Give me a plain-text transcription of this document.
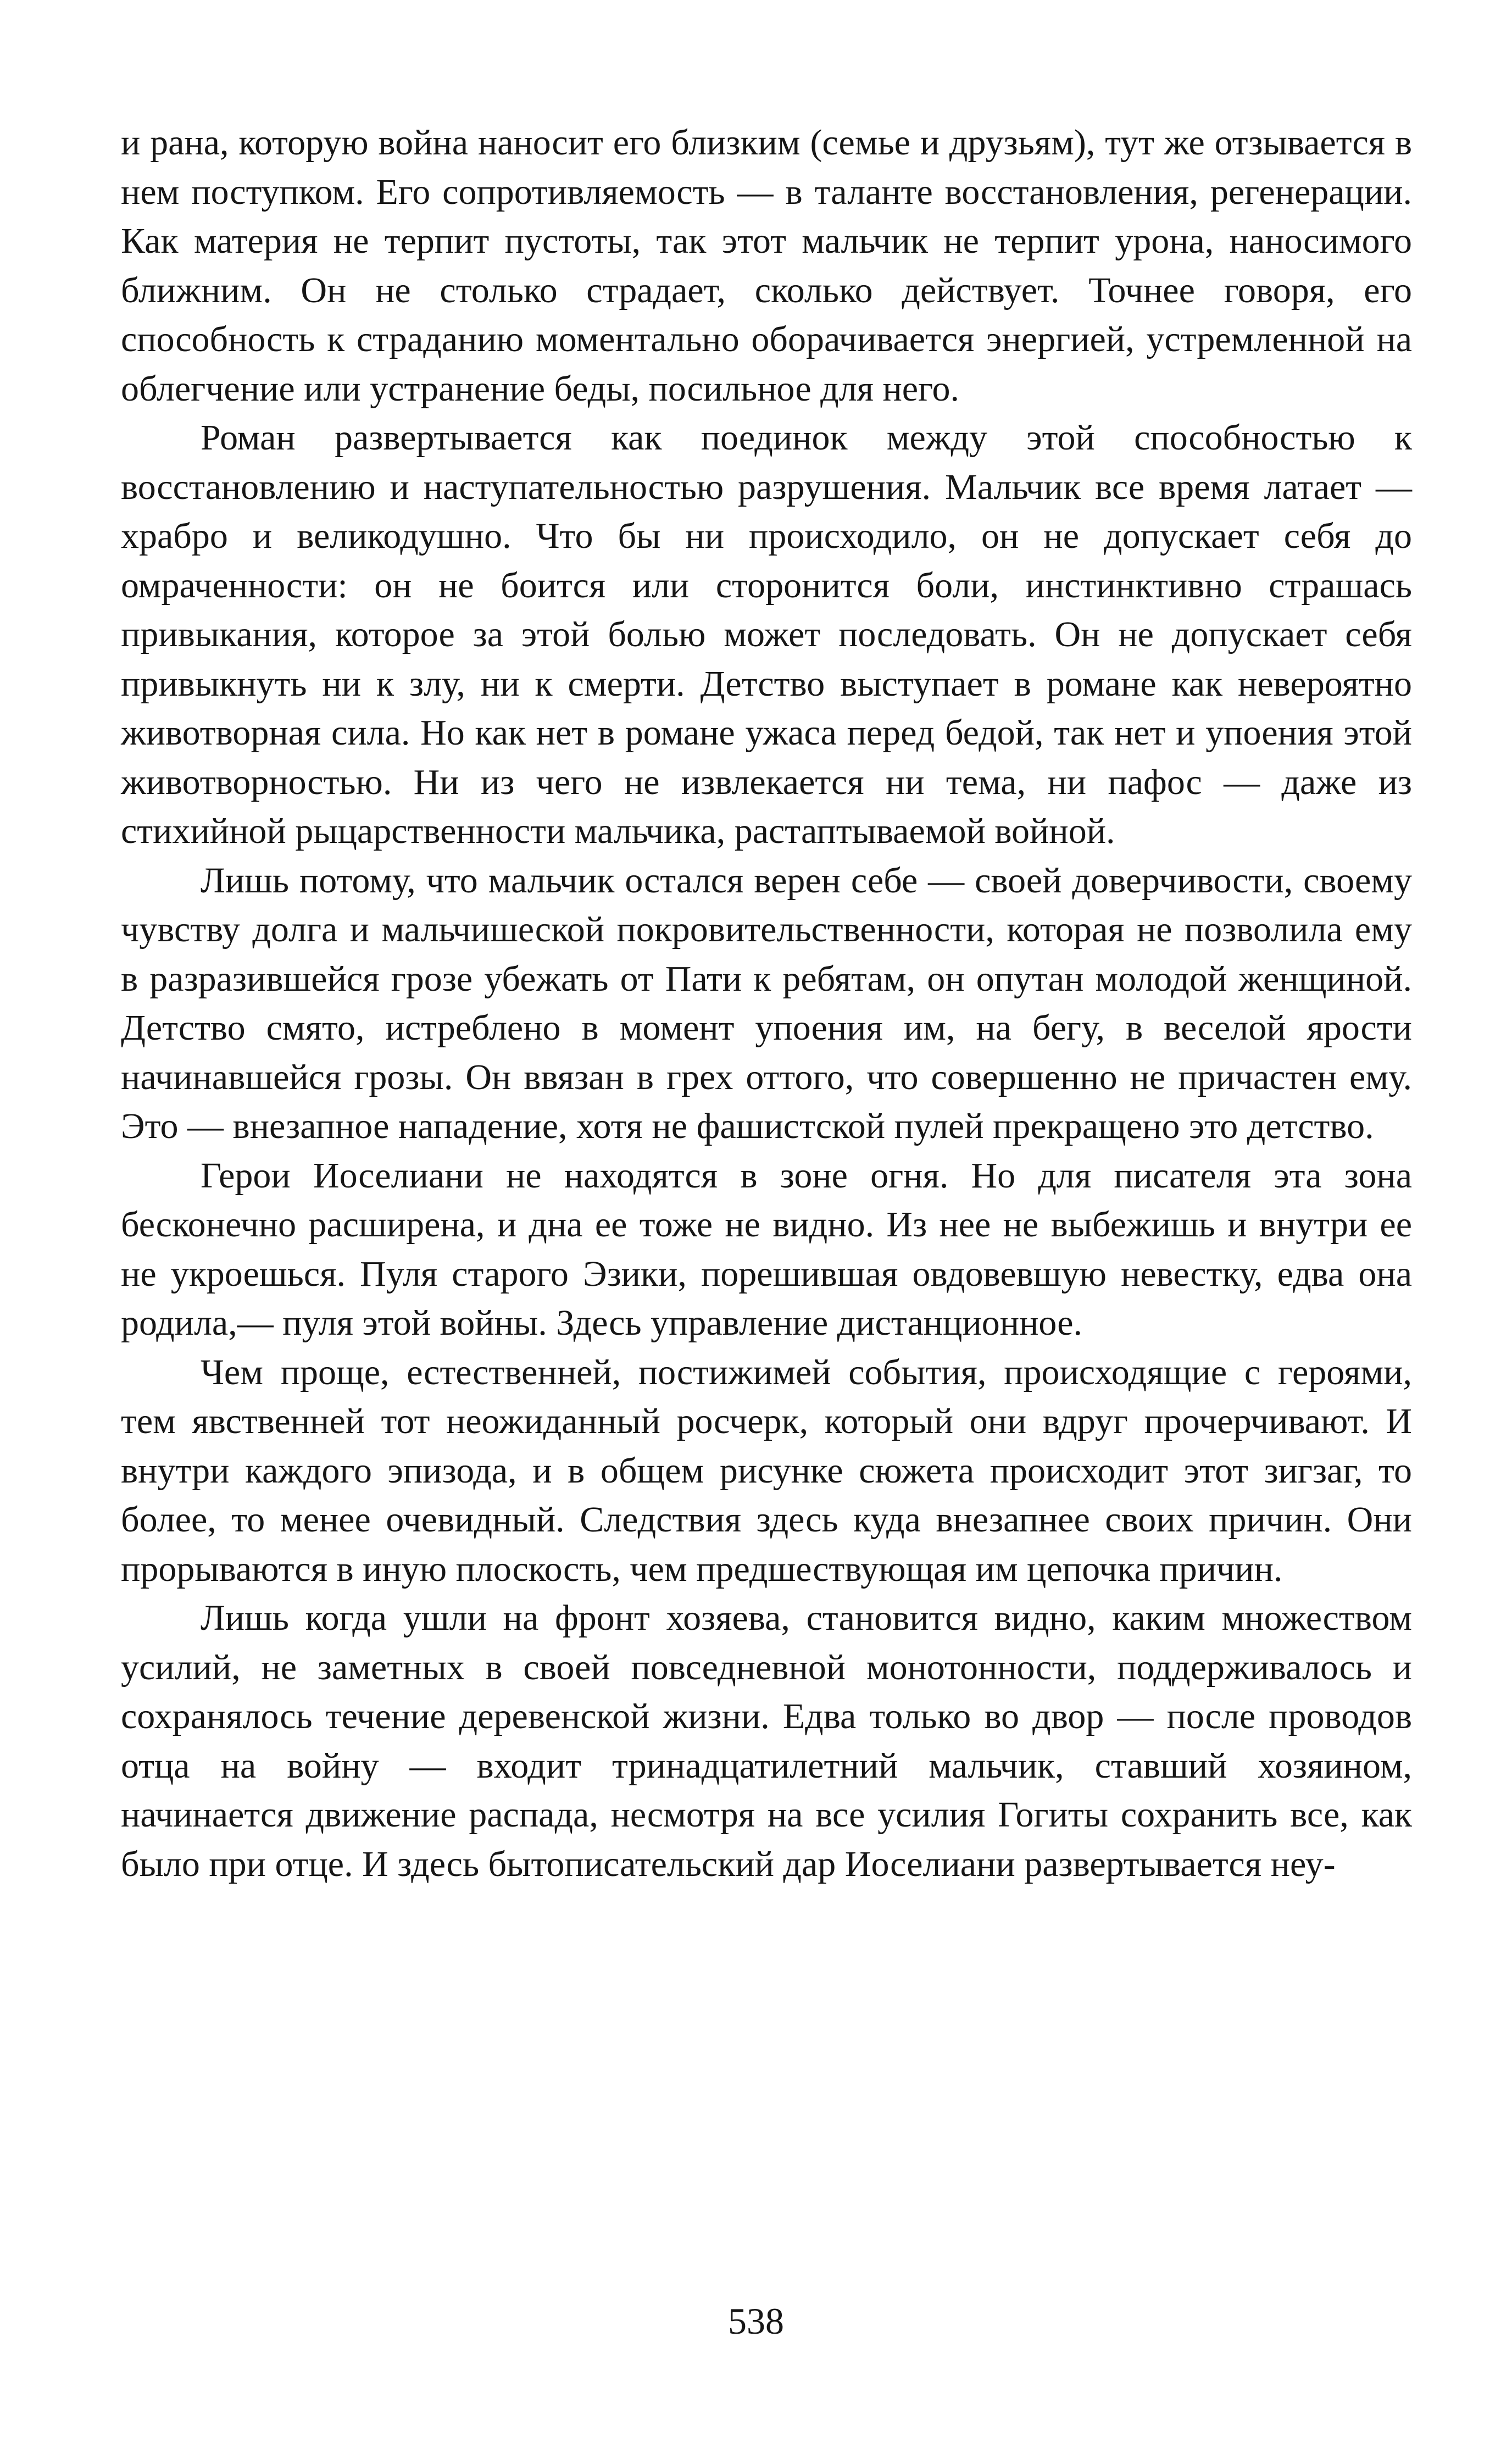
и рана, которую война наносит его близким (семье и друзьям), тут же отзывается в нем поступком. Его сопротивляемость — в таланте восстановления, регенерации. Как материя не терпит пустоты, так этот мальчик не терпит урона, наносимого ближним. Он не столько страдает, сколько действует. Точнее говоря, его способность к страданию моментально оборачивается энергией, устремленной на облегчение или устранение беды, посильное для него.

Роман развертывается как поединок между этой способностью к восстановлению и наступательностью разрушения. Мальчик все время латает — храбро и великодушно. Что бы ни происходило, он не допускает себя до омраченности: он не боится или сторонится боли, инстинктивно страшась привыкания, которое за этой болью может последовать. Он не допускает себя привыкнуть ни к злу, ни к смерти. Детство выступает в романе как невероятно животворная сила. Но как нет в романе ужаса перед бедой, так нет и упоения этой животворностью. Ни из чего не извлекается ни тема, ни пафос — даже из стихийной рыцарственности мальчика, растаптываемой войной.

Лишь потому, что мальчик остался верен себе — своей доверчивости, своему чувству долга и мальчишеской покровительственности, которая не позволила ему в разразившейся грозе убежать от Пати к ребятам, он опутан молодой женщиной. Детство смято, истреблено в момент упоения им, на бегу, в веселой ярости начинавшейся грозы. Он ввязан в грех оттого, что совершенно не причастен ему. Это — внезапное нападение, хотя не фашистской пулей прекращено это детство.

Герои Иоселиани не находятся в зоне огня. Но для писателя эта зона бесконечно расширена, и дна ее тоже не видно. Из нее не выбежишь и внутри ее не укроешься. Пуля старого Эзики, порешившая овдовевшую невестку, едва она родила,— пуля этой войны. Здесь управление дистанционное.

Чем проще, естественней, постижимей события, происходящие с героями, тем явственней тот неожиданный росчерк, который они вдруг прочерчивают. И внутри каждого эпизода, и в общем рисунке сюжета происходит этот зигзаг, то более, то менее очевидный. Следствия здесь куда внезапнее своих причин. Они прорываются в иную плоскость, чем предшествующая им цепочка причин.

Лишь когда ушли на фронт хозяева, становится видно, каким множеством усилий, не заметных в своей повседневной монотонности, поддерживалось и сохранялось течение деревенской жизни. Едва только во двор — после проводов отца на войну — входит тринадцатилетний мальчик, ставший хозяином, начинается движение распада, несмотря на все усилия Гогиты сохранить все, как было при отце. И здесь бытописательский дар Иоселиани развертывается неу-

538
